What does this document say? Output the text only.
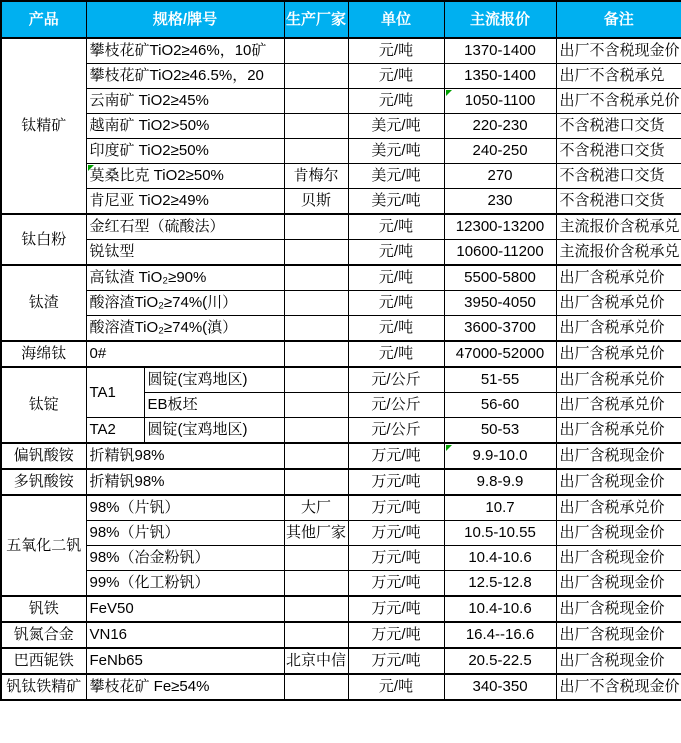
产品	规格/牌号		生产厂家	单位	主流报价	备注
钛精矿	攀枝花矿TiO2≥46%，10矿			元/吨	1370-1400	出厂不含税现金价
	攀枝花矿TiO2≥46.5%，20			元/吨	1350-1400	出厂不含税承兑
	云南矿 TiO2≥45%			元/吨	1050-1100	出厂不含税承兑价
	越南矿 TiO2>50%			美元/吨	220-230	不含税港口交货
	印度矿 TiO2≥50%			美元/吨	240-250	不含税港口交货
	莫桑比克 TiO2≥50%		肯梅尔	美元/吨	270	不含税港口交货
	肯尼亚 TiO2≥49%		贝斯	美元/吨	230	不含税港口交货
钛白粉	金红石型（硫酸法）			元/吨	12300-13200	主流报价含税承兑
	锐钛型			元/吨	10600-11200	主流报价含税承兑
钛渣	高钛渣 TiO₂≥90%			元/吨	5500-5800	出厂含税承兑价
	酸溶渣TiO₂≥74%(川）			元/吨	3950-4050	出厂含税承兑价
	酸溶渣TiO₂≥74%(滇）			元/吨	3600-3700	出厂含税承兑价
海绵钛	0#			元/吨	47000-52000	出厂含税承兑价
钛锭	TA1	圆锭(宝鸡地区)		元/公斤	51-55	出厂含税承兑价
		EB板坯		元/公斤	56-60	出厂含税承兑价
	TA2	圆锭(宝鸡地区)		元/公斤	50-53	出厂含税承兑价
偏钒酸铵	折精钒98%			万元/吨	9.9-10.0	出厂含税现金价
多钒酸铵	折精钒98%			万元/吨	9.8-9.9	出厂含税现金价
五氧化二钒	98%（片钒）		大厂	万元/吨	10.7	出厂含税承兑价
	98%（片钒）		其他厂家	万元/吨	10.5-10.55	出厂含税现金价
	98%（冶金粉钒）			万元/吨	10.4-10.6	出厂含税现金价
	99%（化工粉钒）			万元/吨	12.5-12.8	出厂含税现金价
钒铁	FeV50			万元/吨	10.4-10.6	出厂含税现金价
钒氮合金	VN16			万元/吨	16.4--16.6	出厂含税现金价
巴西铌铁	FeNb65		北京中信	万元/吨	20.5-22.5	出厂含税现金价
钒钛铁精矿	攀枝花矿 Fe≥54%			元/吨	340-350	出厂不含税现金价
